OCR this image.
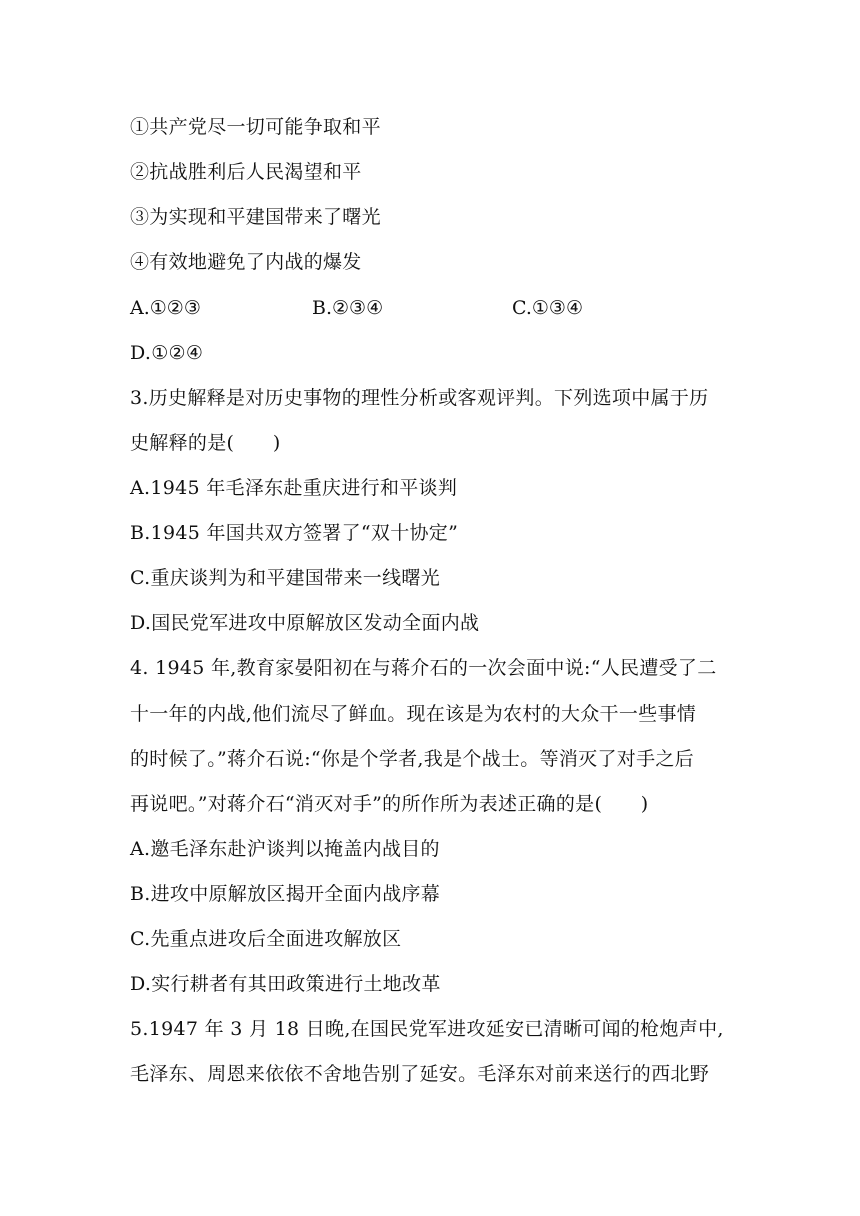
①共产党尽一切可能争取和平
②抗战胜利后人民渴望和平
③为实现和平建国带来了曙光
④有效地避免了内战的爆发
A.①②③	B.②③④	C.①③④
D.①②④
3.历史解释是对历史事物的理性分析或客观评判。下列选项中属于历
史解释的是(　　)
A.1945 年毛泽东赴重庆进行和平谈判
B.1945 年国共双方签署了“双十协定”
C.重庆谈判为和平建国带来一线曙光
D.国民党军进攻中原解放区发动全面内战
4. 1945 年,教育家晏阳初在与蒋介石的一次会面中说:“人民遭受了二
十一年的内战,他们流尽了鲜血。现在该是为农村的大众干一些事情
的时候了。”蒋介石说:“你是个学者,我是个战士。等消灭了对手之后
再说吧。”对蒋介石“消灭对手”的所作所为表述正确的是(　　)
A.邀毛泽东赴沪谈判以掩盖内战目的
B.进攻中原解放区揭开全面内战序幕
C.先重点进攻后全面进攻解放区
D.实行耕者有其田政策进行土地改革
5.1947 年 3 月 18 日晚,在国民党军进攻延安已清晰可闻的枪炮声中,
毛泽东、周恩来依依不舍地告别了延安。毛泽东对前来送行的西北野
